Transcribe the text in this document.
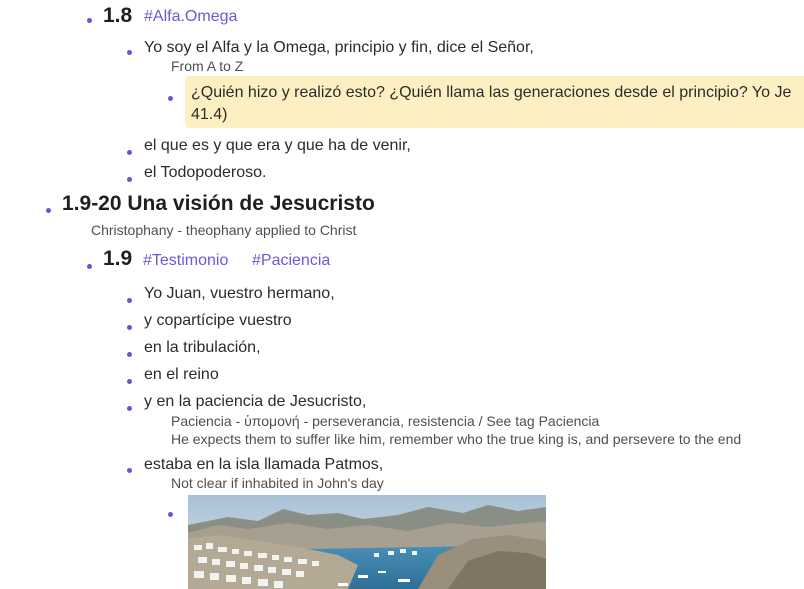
1.8 #Alfa.Omega
Yo soy el Alfa y la Omega, principio y fin, dice el Señor,
From A to Z
¿Quién hizo y realizó esto? ¿Quién llama las generaciones desde el principio? Yo Je
41.4)
el que es y que era y que ha de venir,
el Todopoderoso.
1.9-20 Una visión de Jesucristo
Christophany - theophany applied to Christ
1.9 #Testimonio #Paciencia
Yo Juan, vuestro hermano,
y copartícipe vuestro
en la tribulación,
en el reino
y en la paciencia de Jesucristo,
Paciencia - ὑπομονή - perseverancia, resistencia / See tag Paciencia
He expects them to suffer like him, remember who the true king is, and persevere to the end
estaba en la isla llamada Patmos,
Not clear if inhabited in John's day
